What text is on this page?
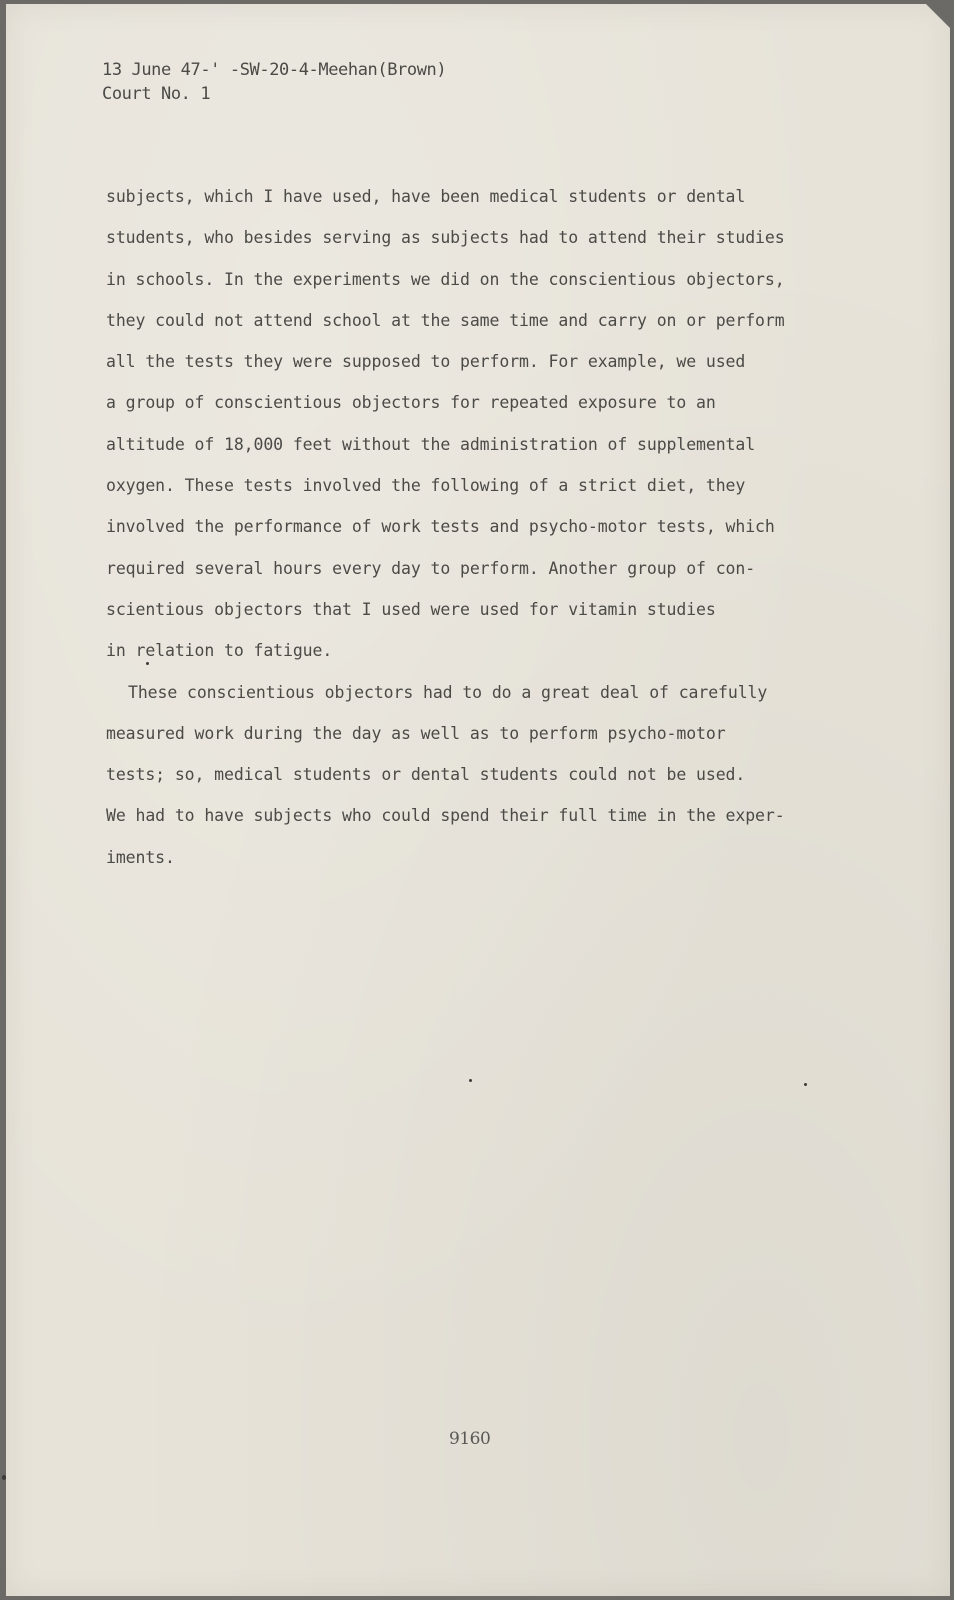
13 June 47-' -SW-20-4-Meehan(Brown)
Court No. 1
subjects, which I have used, have been medical students or dental
students, who besides serving as subjects had to attend their studies
in schools. In the experiments we did on the conscientious objectors,
they could not attend school at the same time and carry on or perform
all the tests they were supposed to perform. For example, we used
a group of conscientious objectors for repeated exposure to an
altitude of 18,000 feet without the administration of supplemental
oxygen. These tests involved the following of a strict diet, they
involved the performance of work tests and psycho-motor tests, which
required several hours every day to perform. Another group of con-
scientious objectors that I used were used for vitamin studies
in relation to fatigue.
These conscientious objectors had to do a great deal of carefully
measured work during the day as well as to perform psycho-motor
tests; so, medical students or dental students could not be used.
We had to have subjects who could spend their full time in the exper-
iments.
9160
